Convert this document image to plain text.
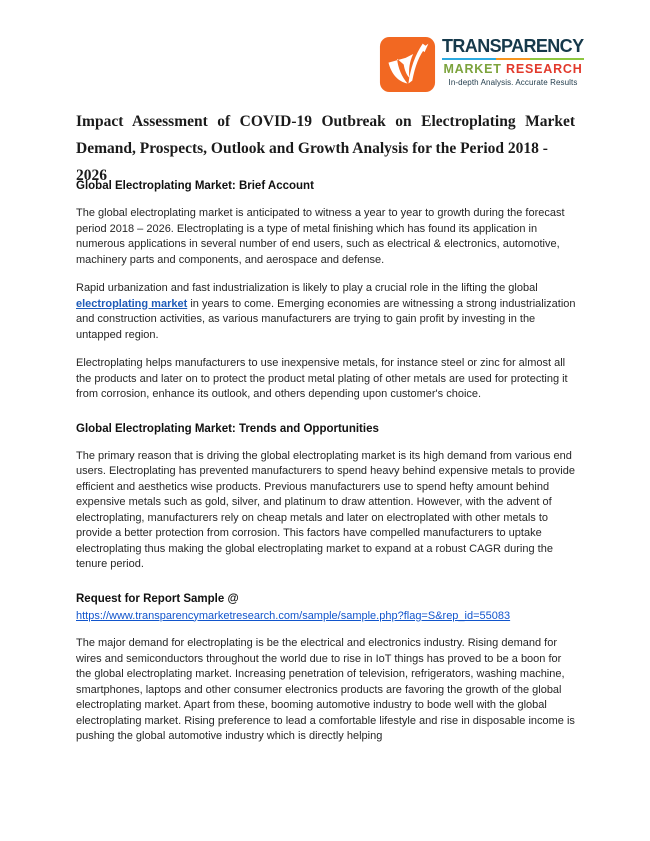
TRANSPARENCY
MARKET RESEARCH
In-depth Analysis. Accurate Results
Impact Assessment of COVID-19 Outbreak on Electroplating Market
Demand, Prospects, Outlook and Growth Analysis for the Period 2018 - 2026
Global Electroplating Market: Brief Account

The global electroplating market is anticipated to witness a year to year to growth during the forecast period 2018 – 2026. Electroplating is a type of metal finishing which has found its application in numerous applications in several number of end users, such as electrical & electronics, automotive, machinery parts and components, and aerospace and defense.

Rapid urbanization and fast industrialization is likely to play a crucial role in the lifting the global electroplating market in years to come. Emerging economies are witnessing a strong industrialization and construction activities, as various manufacturers are trying to gain profit by investing in the untapped region.

Electroplating helps manufacturers to use inexpensive metals, for instance steel or zinc for almost all the products and later on to protect the product metal plating of other metals are used for protecting it from corrosion, enhance its outlook, and others depending upon customer's choice.

Global Electroplating Market: Trends and Opportunities

The primary reason that is driving the global electroplating market is its high demand from various end users. Electroplating has prevented manufacturers to spend heavy behind expensive metals to provide efficient and aesthetics wise products. Previous manufacturers use to spend hefty amount behind expensive metals such as gold, silver, and platinum to draw attention. However, with the advent of electroplating, manufacturers rely on cheap metals and later on electroplated with other metals to provide a better protection from corrosion. This factors have compelled manufacturers to uptake electroplating thus making the global electroplating market to expand at a robust CAGR during the tenure period.

Request for Report Sample @
https://www.transparencymarketresearch.com/sample/sample.php?flag=S&rep_id=55083

The major demand for electroplating is be the electrical and electronics industry. Rising demand for wires and semiconductors throughout the world due to rise in IoT things has proved to be a boon for the global electroplating market. Increasing penetration of television, refrigerators, washing machine, smartphones, laptops and other consumer electronics products are favoring the growth of the global electroplating market. Apart from these, booming automotive industry to bode well with the global electroplating market. Rising preference to lead a comfortable lifestyle and rise in disposable income is pushing the global automotive industry which is directly helping
